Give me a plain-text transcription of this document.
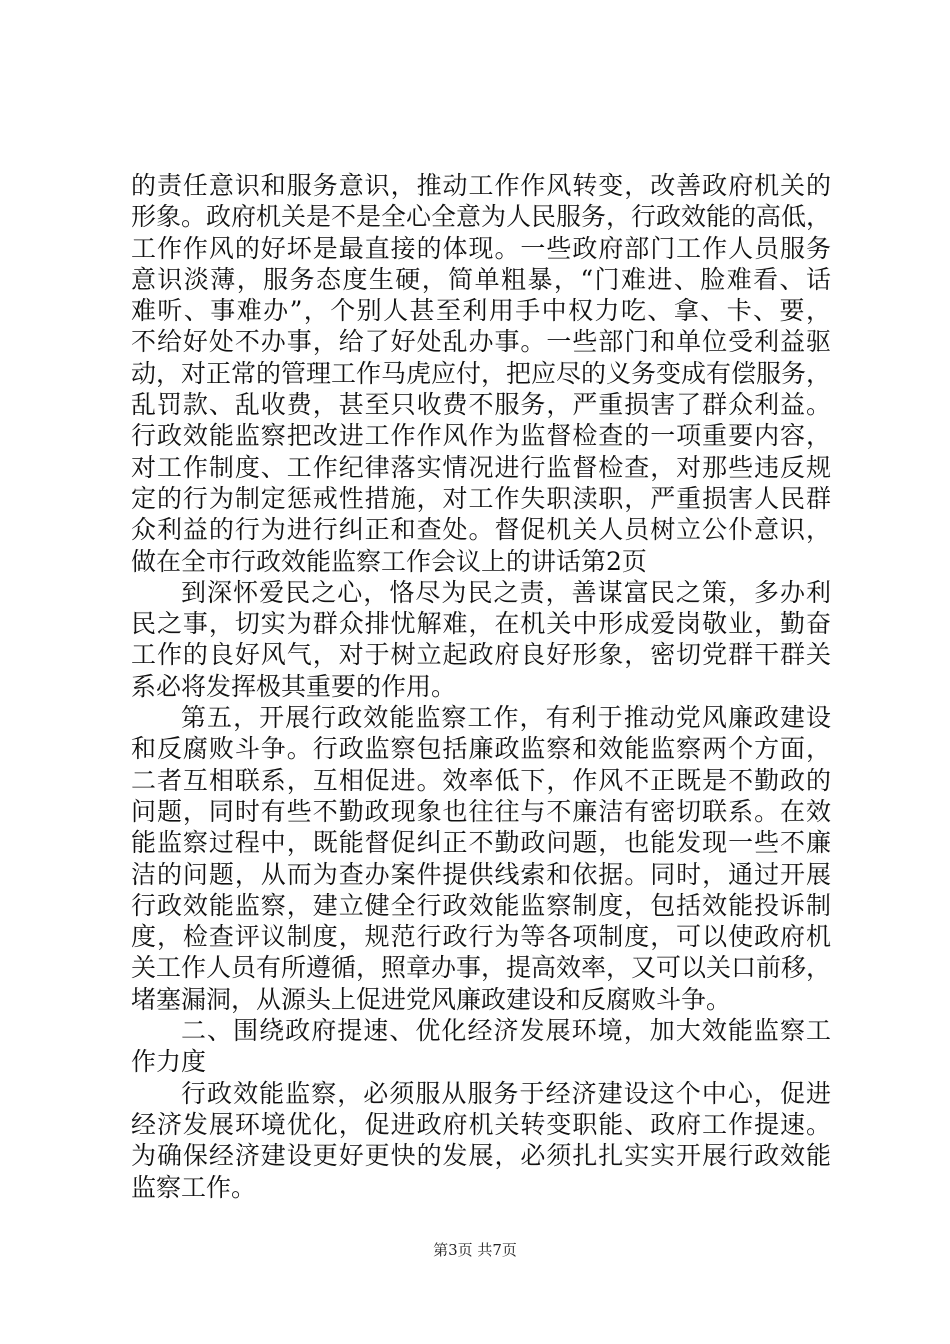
的责任意识和服务意识，推动工作作风转变，改善政府机关的
形象。政府机关是不是全心全意为人民服务，行政效能的高低，
工作作风的好坏是最直接的体现。一些政府部门工作人员服务
意识淡薄，服务态度生硬，简单粗暴，“门难进、脸难看、话
难听、事难办”，个别人甚至利用手中权力吃、拿、卡、要，
不给好处不办事，给了好处乱办事。一些部门和单位受利益驱
动，对正常的管理工作马虎应付，把应尽的义务变成有偿服务，
乱罚款、乱收费，甚至只收费不服务，严重损害了群众利益。
行政效能监察把改进工作作风作为监督检查的一项重要内容，
对工作制度、工作纪律落实情况进行监督检查，对那些违反规
定的行为制定惩戒性措施，对工作失职渎职，严重损害人民群
众利益的行为进行纠正和查处。督促机关人员树立公仆意识，
做在全市行政效能监察工作会议上的讲话第2页
到深怀爱民之心，恪尽为民之责，善谋富民之策，多办利
民之事，切实为群众排忧解难，在机关中形成爱岗敬业，勤奋
工作的良好风气，对于树立起政府良好形象，密切党群干群关
系必将发挥极其重要的作用。
第五，开展行政效能监察工作，有利于推动党风廉政建设
和反腐败斗争。行政监察包括廉政监察和效能监察两个方面，
二者互相联系，互相促进。效率低下，作风不正既是不勤政的
问题，同时有些不勤政现象也往往与不廉洁有密切联系。在效
能监察过程中，既能督促纠正不勤政问题，也能发现一些不廉
洁的问题，从而为查办案件提供线索和依据。同时，通过开展
行政效能监察，建立健全行政效能监察制度，包括效能投诉制
度，检查评议制度，规范行政行为等各项制度，可以使政府机
关工作人员有所遵循，照章办事，提高效率，又可以关口前移，
堵塞漏洞，从源头上促进党风廉政建设和反腐败斗争。
二、围绕政府提速、优化经济发展环境，加大效能监察工
作力度
行政效能监察，必须服从服务于经济建设这个中心，促进
经济发展环境优化，促进政府机关转变职能、政府工作提速。
为确保经济建设更好更快的发展，必须扎扎实实开展行政效能
监察工作。
第3页 共7页
